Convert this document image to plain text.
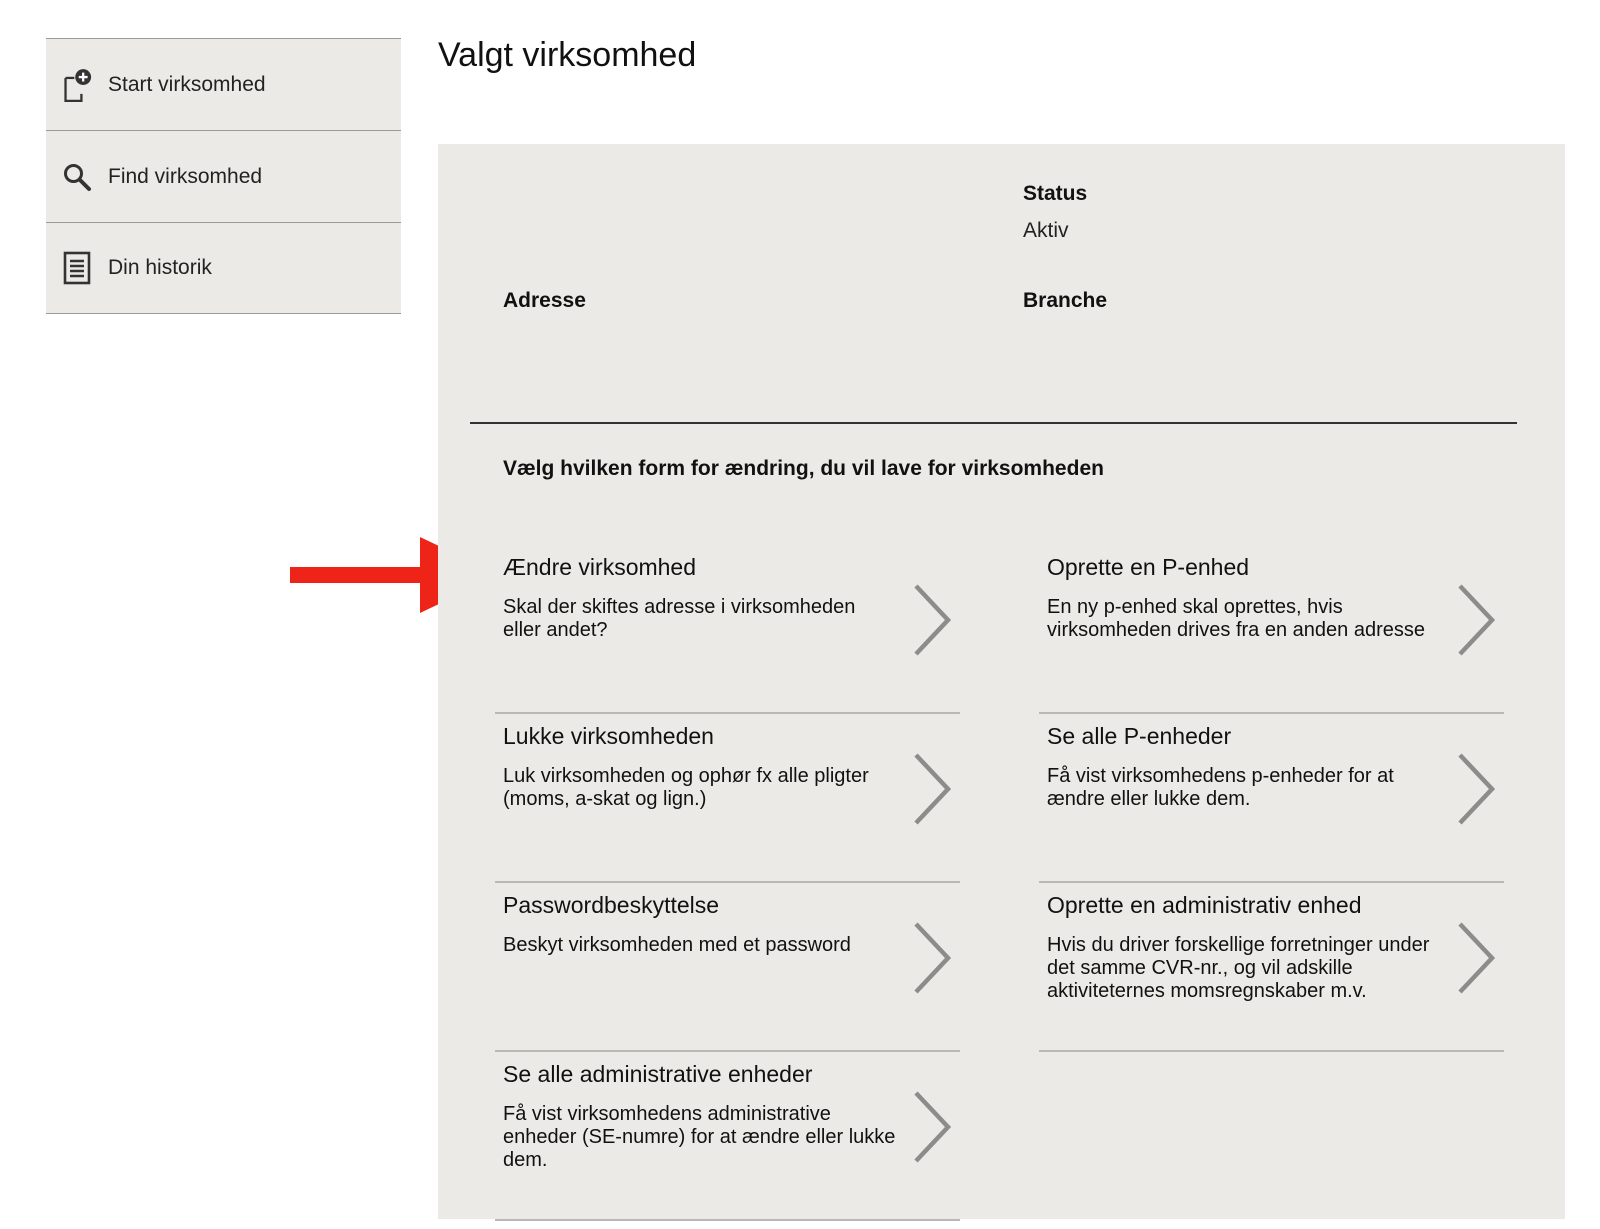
Start virksomhed
Find virksomhed
Din historik
Valgt virksomhed
Status
Aktiv
Adresse	Branche
Vælg hvilken form for ændring, du vil lave for virksomheden
Ændre virksomhed
Skal der skiftes adresse i virksomheden eller andet?
Oprette en P-enhed
En ny p-enhed skal oprettes, hvis virksomheden drives fra en anden adresse
Lukke virksomheden
Luk virksomheden og ophør fx alle pligter (moms, a-skat og lign.)
Se alle P-enheder
Få vist virksomhedens p-enheder for at ændre eller lukke dem.
Passwordbeskyttelse
Beskyt virksomheden med et password
Oprette en administrativ enhed
Hvis du driver forskellige forretninger under det samme CVR-nr., og vil adskille aktiviteternes momsregnskaber m.v.
Se alle administrative enheder
Få vist virksomhedens administrative enheder (SE-numre) for at ændre eller lukke dem.
